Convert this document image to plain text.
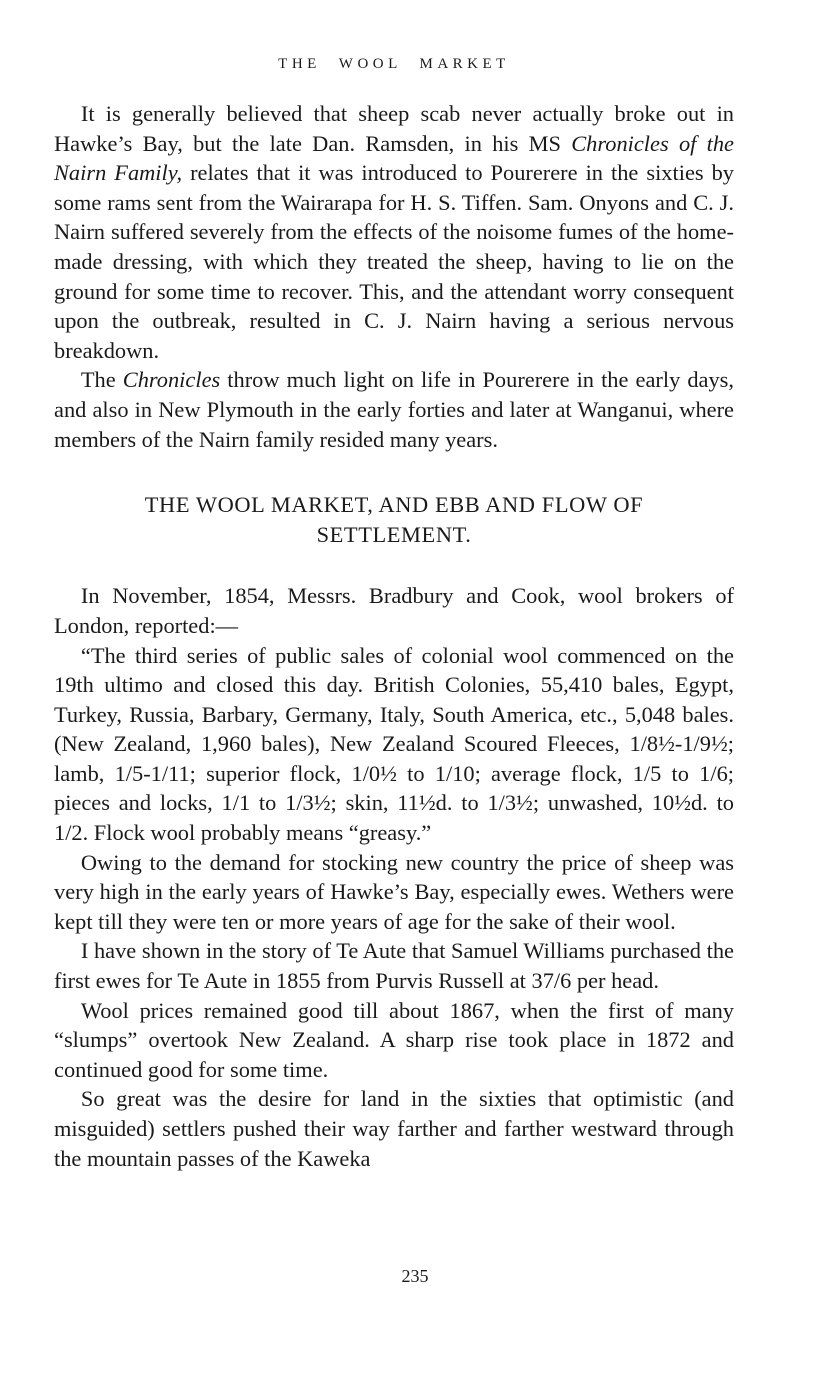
THE WOOL MARKET

It is generally believed that sheep scab never actually broke out in Hawke’s Bay, but the late Dan. Ramsden, in his MS Chronicles of the Nairn Family, relates that it was introduced to Pourerere in the sixties by some rams sent from the Wairarapa for H. S. Tiffen. Sam. Onyons and C. J. Nairn suffered severely from the effects of the noisome fumes of the home-made dressing, with which they treated the sheep, having to lie on the ground for some time to recover. This, and the attendant worry consequent upon the outbreak, resulted in C. J. Nairn having a serious nervous breakdown.

The Chronicles throw much light on life in Pourerere in the early days, and also in New Plymouth in the early forties and later at Wanganui, where members of the Nairn family resided many years.

THE WOOL MARKET, AND EBB AND FLOW OF
SETTLEMENT.

In November, 1854, Messrs. Bradbury and Cook, wool brokers of London, reported:—

“The third series of public sales of colonial wool commenced on the 19th ultimo and closed this day. British Colonies, 55,410 bales, Egypt, Turkey, Russia, Barbary, Germany, Italy, South America, etc., 5,048 bales. (New Zealand, 1,960 bales), New Zealand Scoured Fleeces, 1/8½-1/9½; lamb, 1/5-1/11; superior flock, 1/0½ to 1/10; average flock, 1/5 to 1/6; pieces and locks, 1/1 to 1/3½; skin, 11½d. to 1/3½; unwashed, 10½d. to 1/2. Flock wool probably means “greasy.”

Owing to the demand for stocking new country the price of sheep was very high in the early years of Hawke’s Bay, especially ewes. Wethers were kept till they were ten or more years of age for the sake of their wool.

I have shown in the story of Te Aute that Samuel Williams purchased the first ewes for Te Aute in 1855 from Purvis Russell at 37/6 per head.

Wool prices remained good till about 1867, when the first of many “slumps” overtook New Zealand. A sharp rise took place in 1872 and continued good for some time.

So great was the desire for land in the sixties that optimistic (and misguided) settlers pushed their way farther and farther westward through the mountain passes of the Kaweka

235
